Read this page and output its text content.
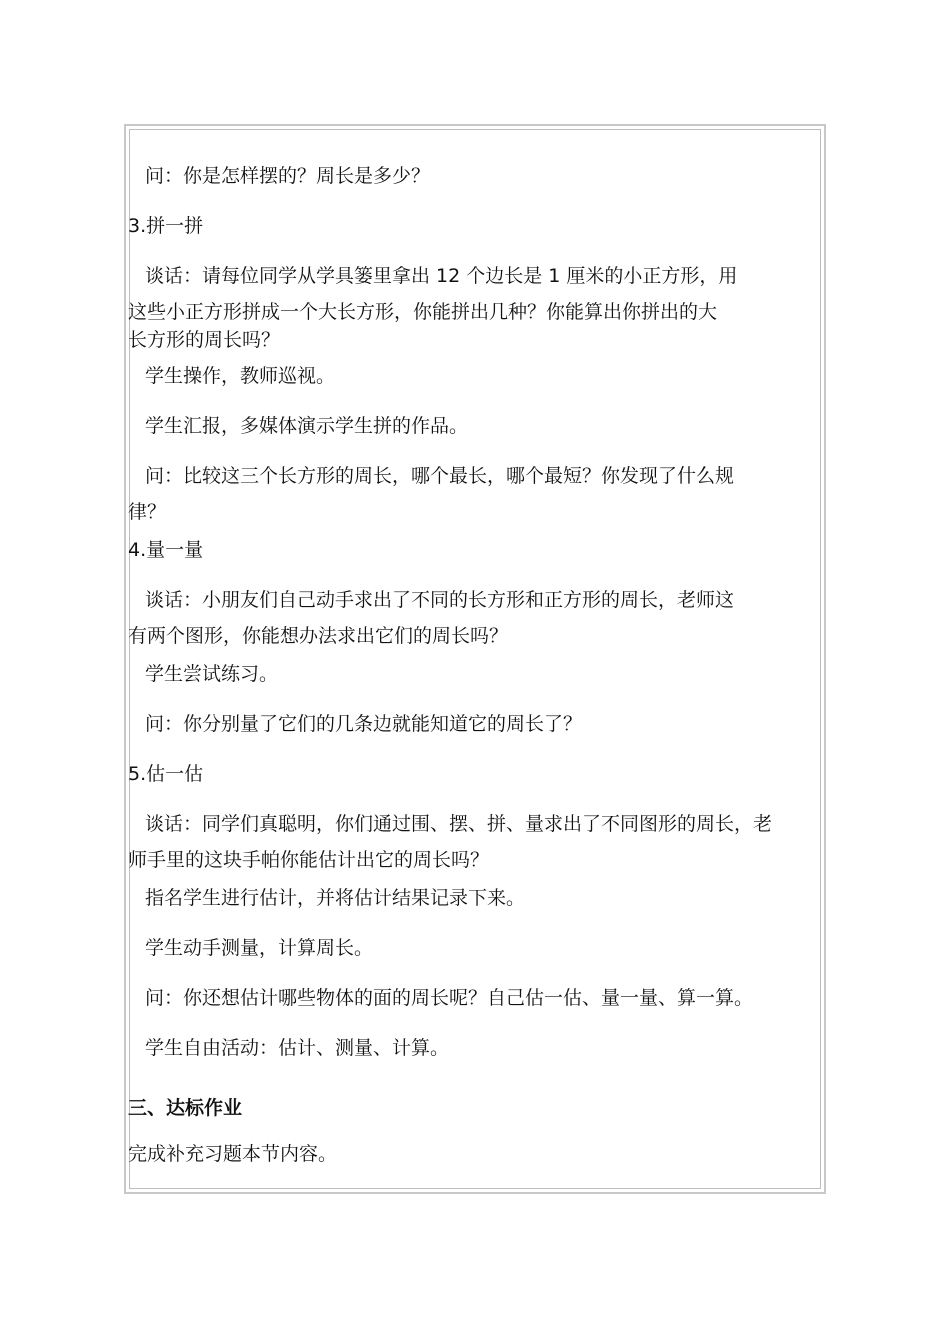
问：你是怎样摆的？周长是多少？
3.拼一拼
谈话：请每位同学从学具篓里拿出 12 个边长是 1 厘米的小正方形，用
这些小正方形拼成一个大长方形，你能拼出几种？你能算出你拼出的大
长方形的周长吗？
学生操作，教师巡视。
学生汇报，多媒体演示学生拼的作品。
问：比较这三个长方形的周长，哪个最长，哪个最短？你发现了什么规
律？
4.量一量
谈话：小朋友们自己动手求出了不同的长方形和正方形的周长，老师这
有两个图形，你能想办法求出它们的周长吗？
学生尝试练习。
问：你分别量了它们的几条边就能知道它的周长了？
5.估一估
谈话：同学们真聪明，你们通过围、摆、拼、量求出了不同图形的周长，老
师手里的这块手帕你能估计出它的周长吗？
指名学生进行估计，并将估计结果记录下来。
学生动手测量，计算周长。
问：你还想估计哪些物体的面的周长呢？自己估一估、量一量、算一算。
学生自由活动：估计、测量、计算。
三、达标作业
完成补充习题本节内容。
